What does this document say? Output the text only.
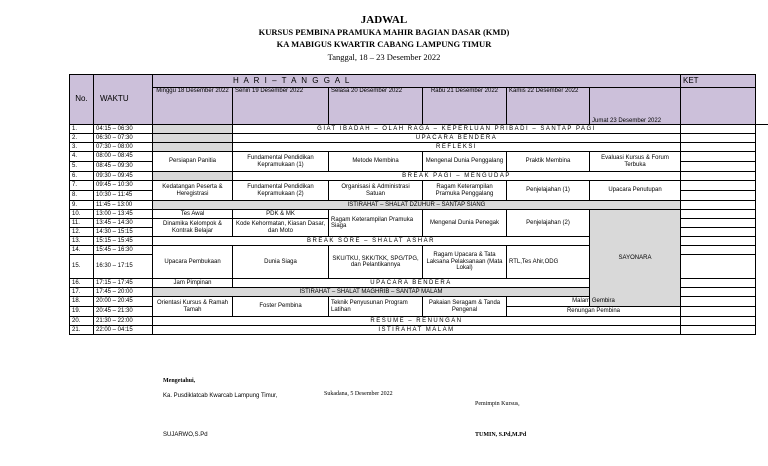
JADWAL
KURSUS PEMBINA PRAMUKA MAHIR BAGIAN DASAR (KMD)
KA MABIGUS KWARTIR CABANG LAMPUNG TIMUR
Tanggal, 18 – 23 Desember 2022
No.	WAKTU	H A R I – T A N G G A L						KET
		Minggu 18 Desember 2022	Senin 19 Desember 2022	Selasa 20 Desember 2022	Rabu 21 Desember 2022	Kamis 22 Desember 2022	Jumat 23 Desember 2022	
1.	04:15 – 06:30		GIAT IBADAH – OLAH RAGA – KEPERLUAN PRIBADI – SANTAP PAGI					
2.	06:30 – 07:30		UPACARA BENDERA					
3.	07:30 – 08:00		REFLEKSI					
4.	08:00 – 08:45	Persiapan Panitia	Fundamental Pendidikan Kepramukaan (1)	Metode Membina	Mengenal Dunia Penggalang	Praktik Membina	Evaluasi Kursus & Forum Terbuka	
5.	08:45 – 09:30							
6.	09:30 – 09:45		BREAK PAGI – MENGUDAP					
7.	09:45 – 10:30	Kedatangan Peserta & Heregistrasi	Fundamental Pendidikan Kepramukaan (2)	Organisasi & Administrasi Satuan	Ragam Keterampilan Pramuka Penggalang	Penjelajahan (1)	Upacara Penutupan	
8.	10:30 – 11:45							
9.	11:45 – 13:00	ISTIRAHAT – SHALAT DZUHUR – SANTAP SIANG						
10.	13:00 – 13:45	Tes Awal	PDK & MK	Ragam Keterampilan Pramuka Siaga	Mengenal Dunia Penegak	Penjelajahan (2)	SAYONARA	
11.	13:45 – 14:30	Dinamika Kelompok & Kontrak Belajar	Kode Kehormatan, Kiasan Dasar, dan Moto					
12.	14:30 – 15:15							
13.	15:15 – 15:45	BREAK SORE – SHALAT ASHAR						
14.	15:45 – 16:30	Upacara Pembukaan	Dunia Siaga	SKU/TKU, SKK/TKK, SPG/TPG, dan Pelantikannya	Ragam Upacara & Tata Laksana Pelaksanaan (Mata Lokal)	RTL,Tes Ahir,ODG		
15.	16:30 – 17:15							
16.	17:15 – 17:45	Jam Pimpinan	UPACARA BENDERA					
17.	17:45 – 20:00	ISTIRAHAT – SHALAT MAGHRIB – SANTAP MALAM						
18.	20:00 – 20:45	Orientasi Kursus & Ramah Tamah	Foster Pembina	Teknik Penyusunan Program Latihan	Pakaian Seragam & Tanda Pengenal	Malam Gembira		
19.	20:45 – 21:30					Renungan Pembina		
20.	21:30 – 22:00	RESUME – RENUNGAN						
21.	22:00 – 04:15	ISTIRAHAT MALAM						
Mengetahui,
Ka. Pusdiklatcab Kwarcab Lampung Timur,	Sukadana, 5 Desember 2022
Pemimpin Kursus,
SUJARWO,S.Pd	TUMIN, S.Pd,M.Pd
